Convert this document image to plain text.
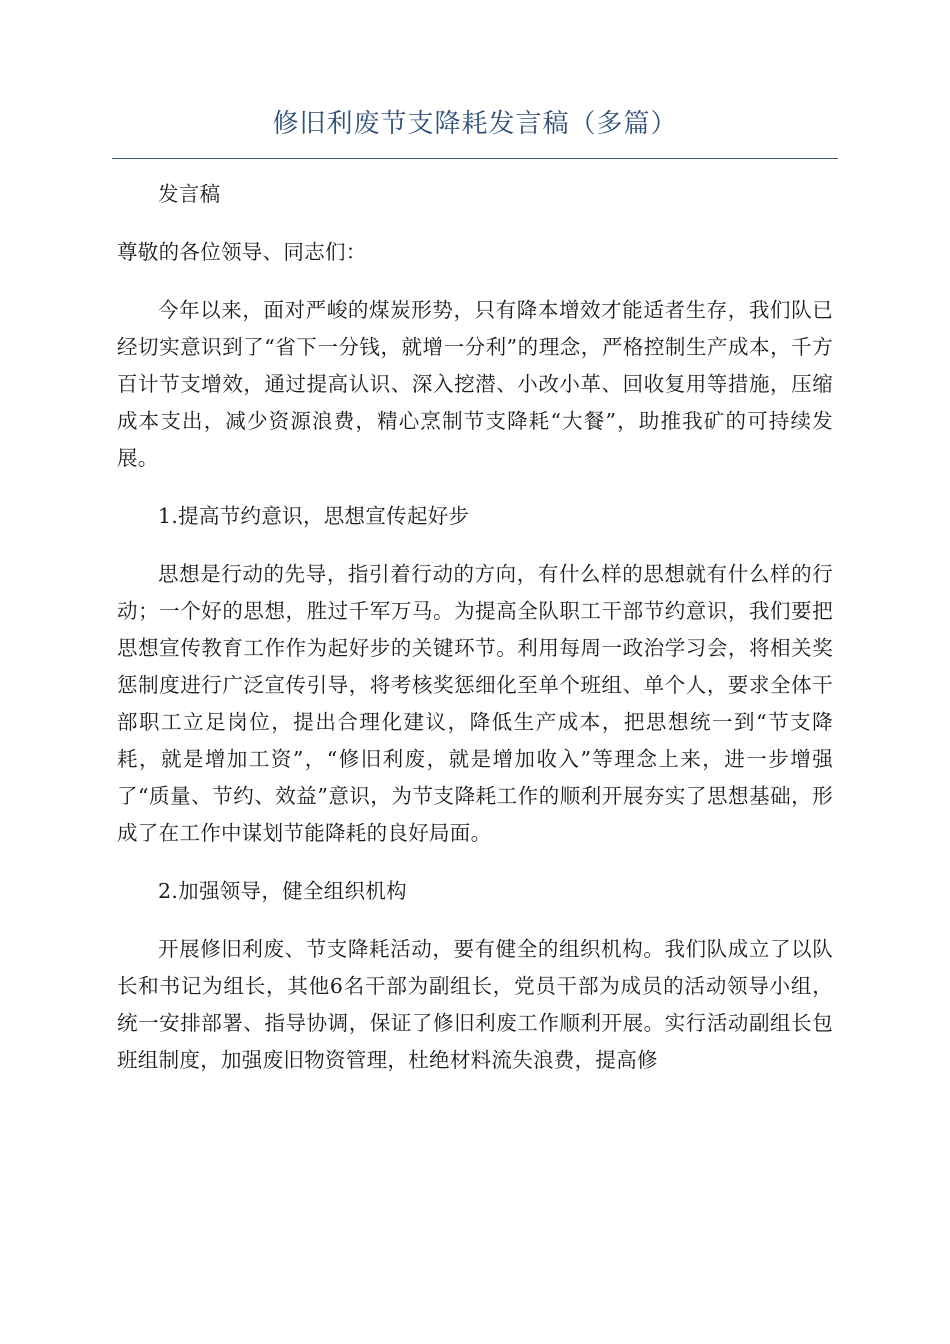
修旧利废节支降耗发言稿（多篇）

发言稿

尊敬的各位领导、同志们：

今年以来，面对严峻的煤炭形势，只有降本增效才能适者生存，我们队已经切实意识到了“省下一分钱，就增一分利”的理念，严格控制生产成本，千方百计节支增效，通过提高认识、深入挖潜、小改小革、回收复用等措施，压缩成本支出，减少资源浪费，精心烹制节支降耗“大餐”，助推我矿的可持续发展。

1.提高节约意识，思想宣传起好步

思想是行动的先导，指引着行动的方向，有什么样的思想就有什么样的行动；一个好的思想，胜过千军万马。为提高全队职工干部节约意识，我们要把思想宣传教育工作作为起好步的关键环节。利用每周一政治学习会，将相关奖惩制度进行广泛宣传引导，将考核奖惩细化至单个班组、单个人，要求全体干部职工立足岗位，提出合理化建议，降低生产成本，把思想统一到“节支降耗，就是增加工资”，“修旧利废，就是增加收入”等理念上来，进一步增强了“质量、节约、效益”意识，为节支降耗工作的顺利开展夯实了思想基础，形成了在工作中谋划节能降耗的良好局面。

2.加强领导，健全组织机构

开展修旧利废、节支降耗活动，要有健全的组织机构。我们队成立了以队长和书记为组长，其他6名干部为副组长，党员干部为成员的活动领导小组，统一安排部署、指导协调，保证了修旧利废工作顺利开展。实行活动副组长包班组制度，加强废旧物资管理，杜绝材料流失浪费，提高修
